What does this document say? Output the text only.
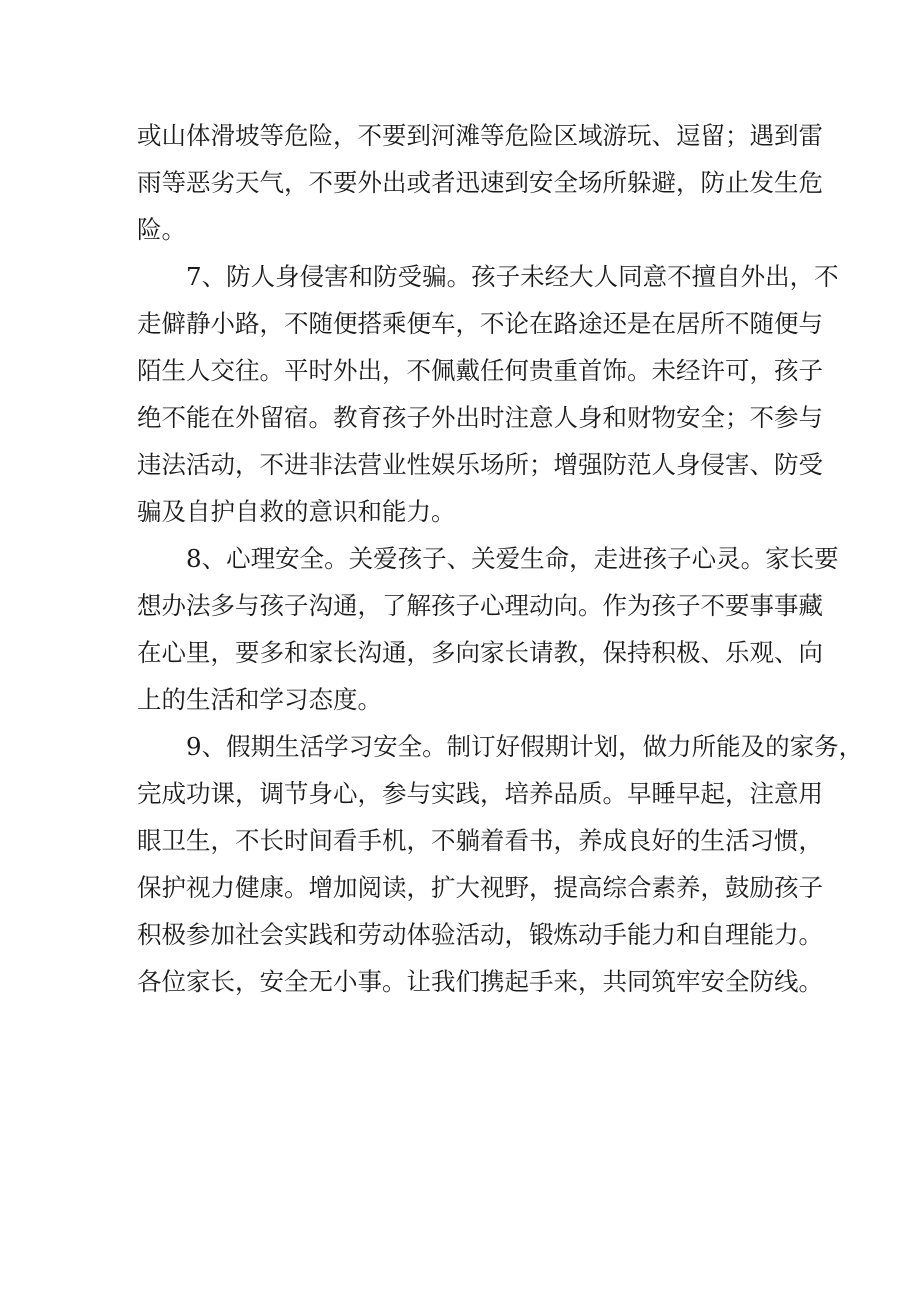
或山体滑坡等危险，不要到河滩等危险区域游玩、逗留；遇到雷
雨等恶劣天气，不要外出或者迅速到安全场所躲避，防止发生危
险。

7、防人身侵害和防受骗。孩子未经大人同意不擅自外出，不
走僻静小路，不随便搭乘便车，不论在路途还是在居所不随便与
陌生人交往。平时外出，不佩戴任何贵重首饰。未经许可，孩子
绝不能在外留宿。教育孩子外出时注意人身和财物安全；不参与
违法活动，不进非法营业性娱乐场所；增强防范人身侵害、防受
骗及自护自救的意识和能力。

8、心理安全。关爱孩子、关爱生命，走进孩子心灵。家长要
想办法多与孩子沟通，了解孩子心理动向。作为孩子不要事事藏
在心里，要多和家长沟通，多向家长请教，保持积极、乐观、向
上的生活和学习态度。

9、假期生活学习安全。制订好假期计划，做力所能及的家务，
完成功课，调节身心，参与实践，培养品质。早睡早起，注意用
眼卫生，不长时间看手机，不躺着看书，养成良好的生活习惯，
保护视力健康。增加阅读，扩大视野，提高综合素养，鼓励孩子
积极参加社会实践和劳动体验活动，锻炼动手能力和自理能力。
各位家长，安全无小事。让我们携起手来，共同筑牢安全防线。
